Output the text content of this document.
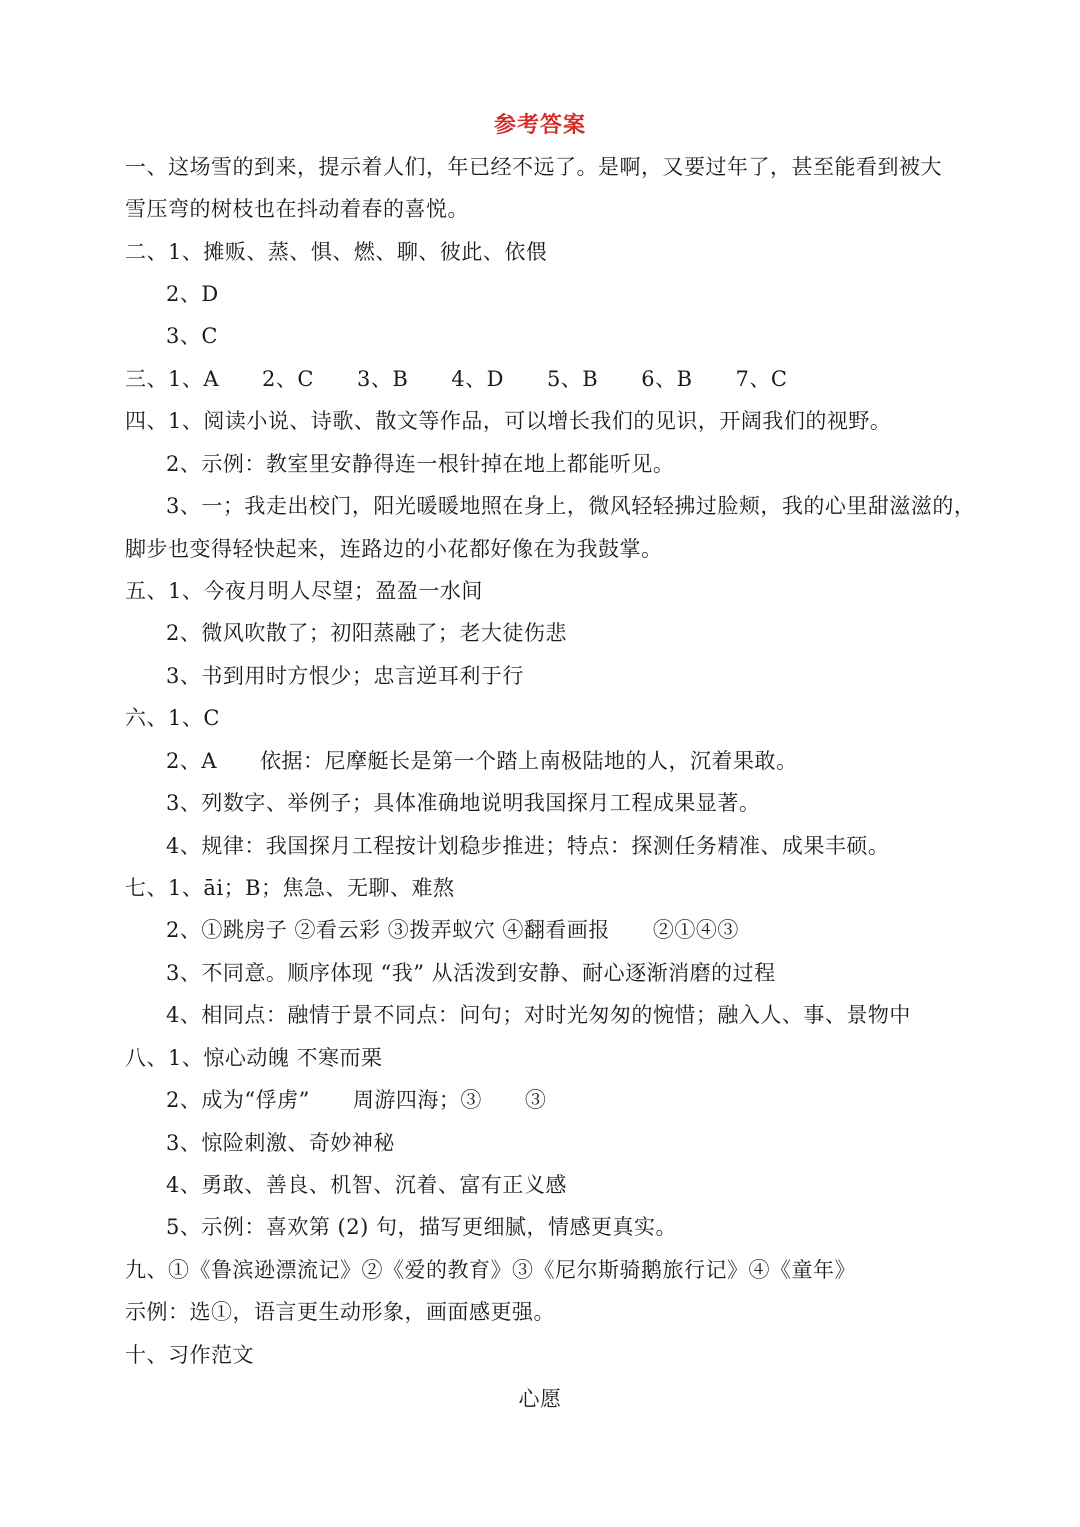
参考答案
一、这场雪的到来，提示着人们，年已经不远了。是啊，又要过年了，甚至能看到被大
雪压弯的树枝也在抖动着春的喜悦。
二、1、摊贩、蒸、惧、燃、聊、彼此、依偎
2、D
3、C
三、1、A　　2、C　　3、B　　4、D　　5、B　　6、B　　7、C
四、1、阅读小说、诗歌、散文等作品，可以增长我们的见识，开阔我们的视野。
2、示例：教室里安静得连一根针掉在地上都能听见。
3、一；我走出校门，阳光暖暖地照在身上，微风轻轻拂过脸颊，我的心里甜滋滋的，
脚步也变得轻快起来，连路边的小花都好像在为我鼓掌。
五、1、今夜月明人尽望；盈盈一水间
2、微风吹散了；初阳蒸融了；老大徒伤悲
3、书到用时方恨少；忠言逆耳利于行
六、1、C
2、A　　依据：尼摩艇长是第一个踏上南极陆地的人，沉着果敢。
3、列数字、举例子；具体准确地说明我国探月工程成果显著。
4、规律：我国探月工程按计划稳步推进；特点：探测任务精准、成果丰硕。
七、1、āi；B；焦急、无聊、难熬
2、①跳房子 ②看云彩 ③拨弄蚁穴 ④翻看画报　　②①④③
3、不同意。顺序体现 “我” 从活泼到安静、耐心逐渐消磨的过程
4、相同点：融情于景不同点：问句；对时光匆匆的惋惜；融入人、事、景物中
八、1、惊心动魄 不寒而栗
2、成为“俘虏”　　周游四海；③　　③
3、惊险刺激、奇妙神秘
4、勇敢、善良、机智、沉着、富有正义感
5、示例：喜欢第 (2) 句，描写更细腻，情感更真实。
九、①《鲁滨逊漂流记》②《爱的教育》③《尼尔斯骑鹅旅行记》④《童年》
示例：选①，语言更生动形象，画面感更强。
十、习作范文
心愿
